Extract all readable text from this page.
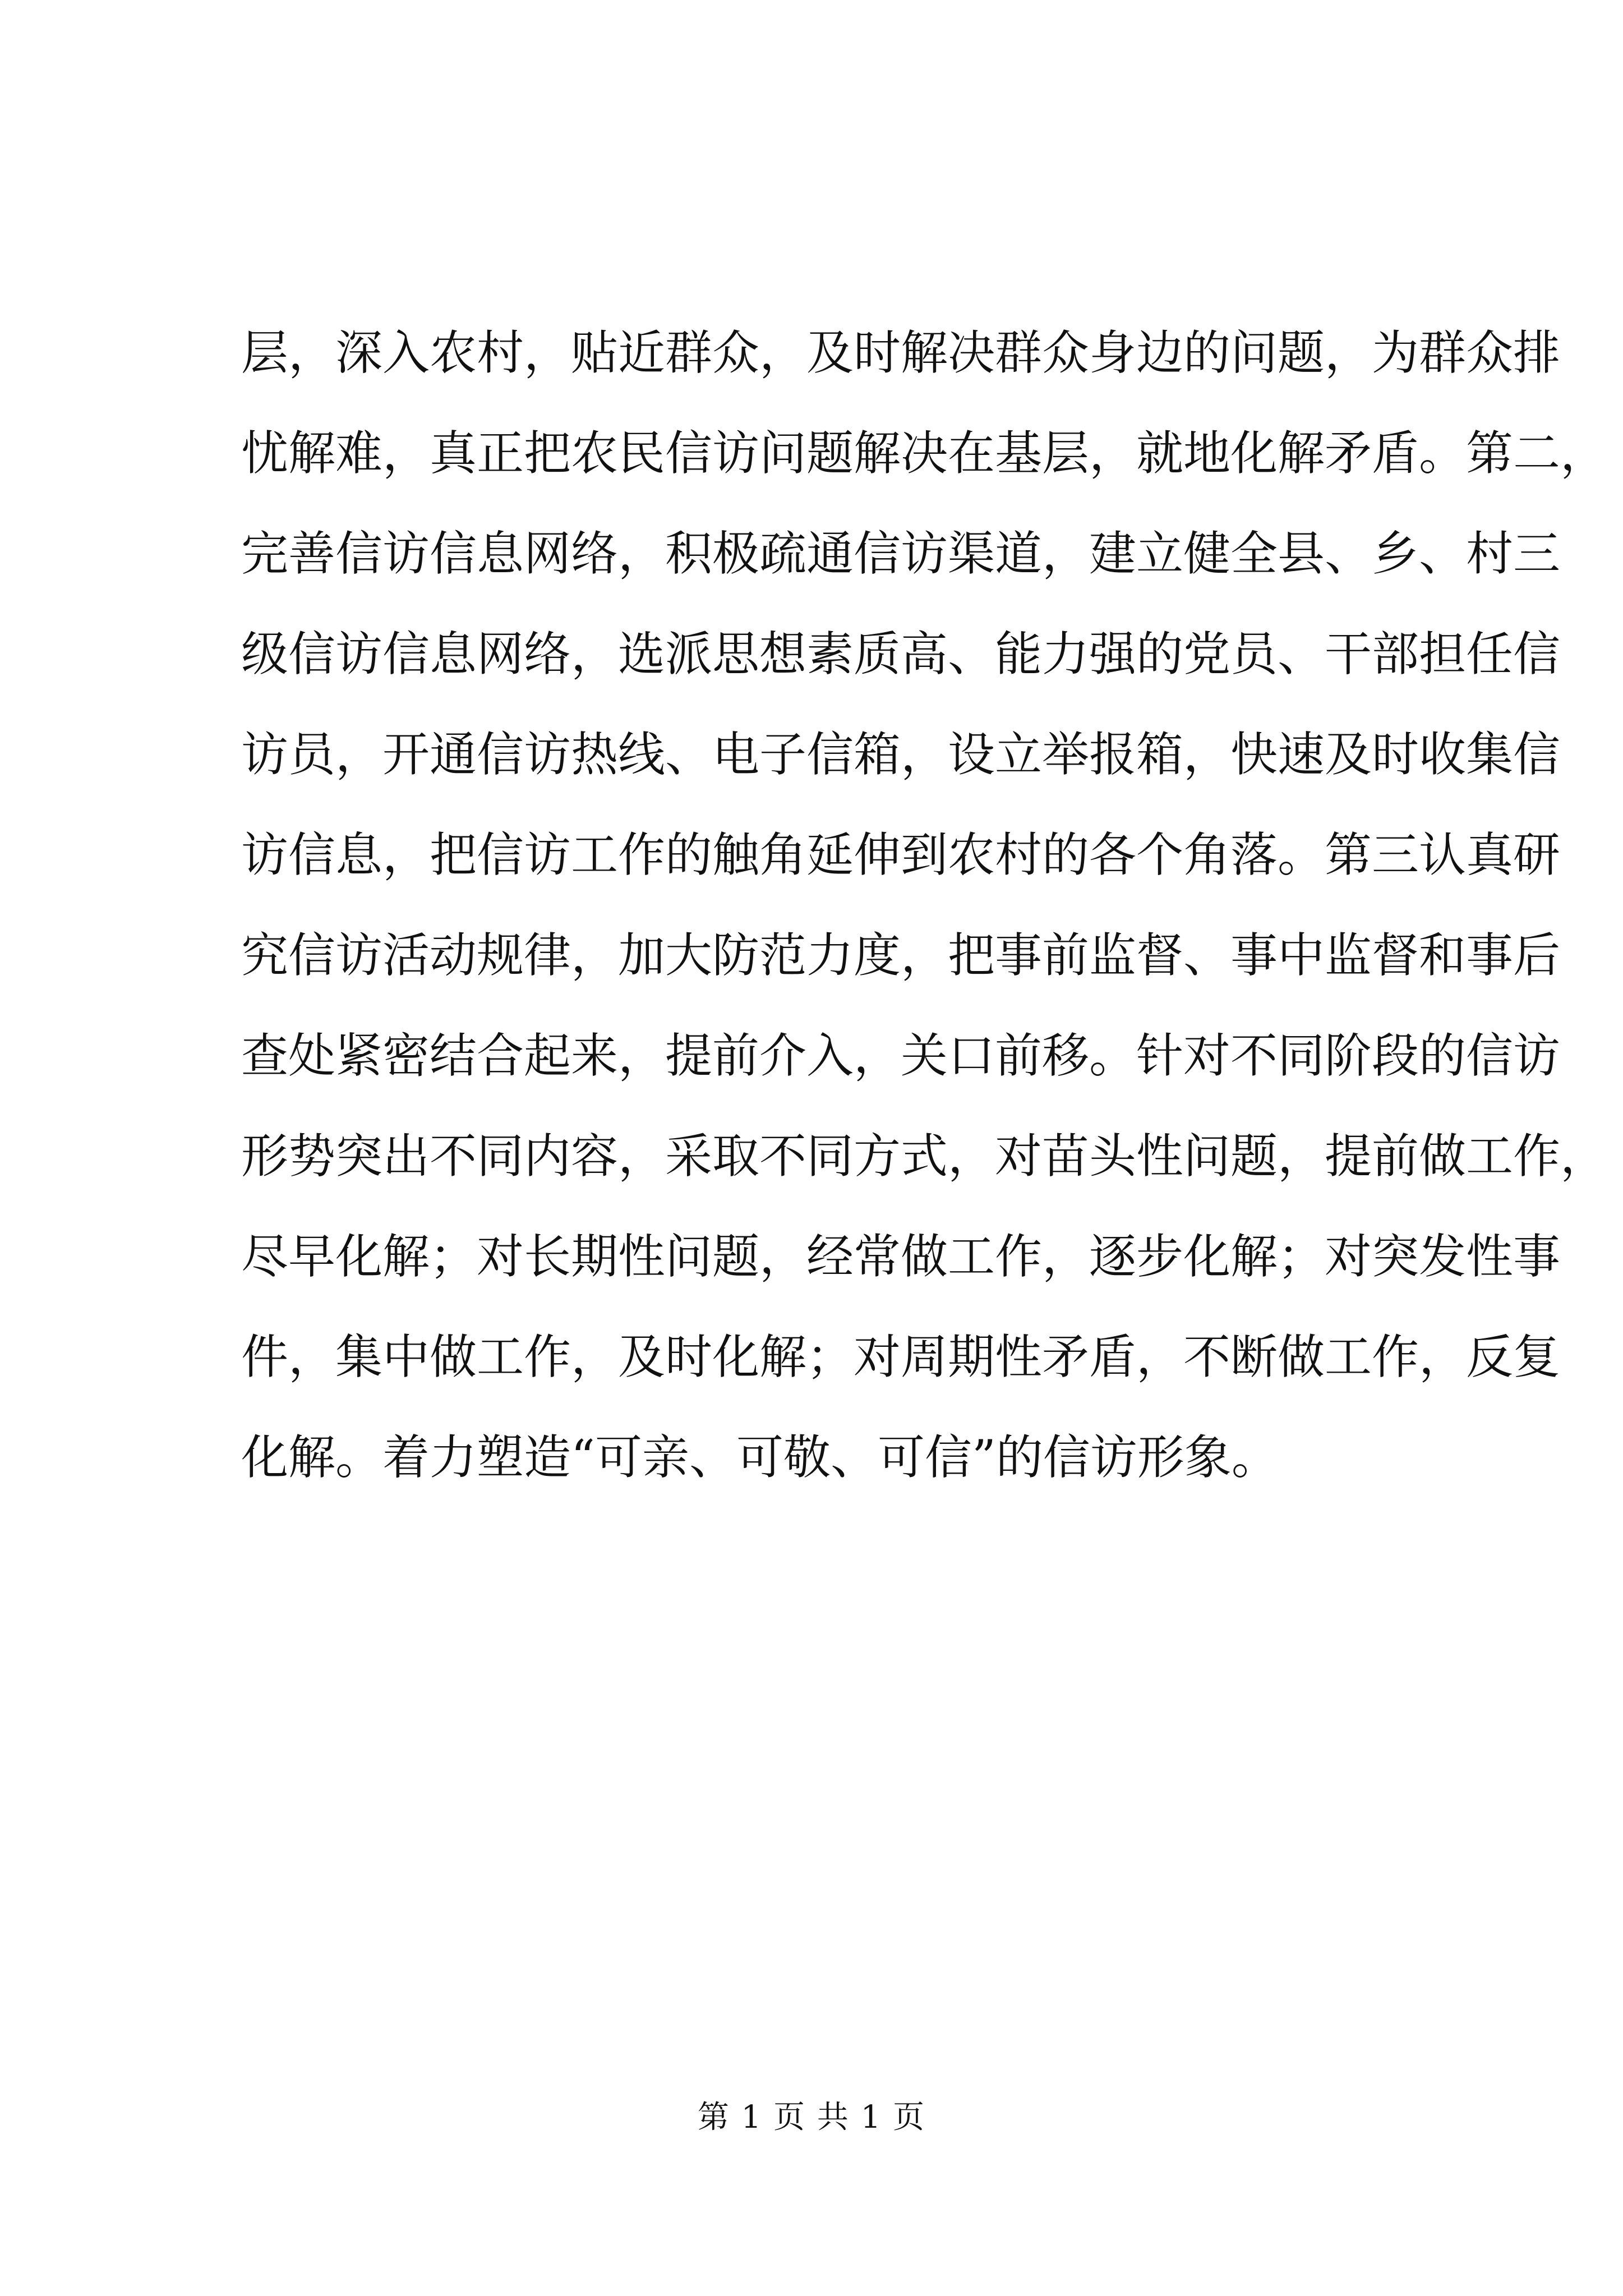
层，深入农村，贴近群众，及时解决群众身边的问题，为群众排
忧解难，真正把农民信访问题解决在基层，就地化解矛盾。第二，
完善信访信息网络，积极疏通信访渠道，建立健全县、乡、村三
级信访信息网络，选派思想素质高、能力强的党员、干部担任信
访员，开通信访热线、电子信箱，设立举报箱，快速及时收集信
访信息，把信访工作的触角延伸到农村的各个角落。第三认真研
究信访活动规律，加大防范力度，把事前监督、事中监督和事后
查处紧密结合起来，提前介入，关口前移。针对不同阶段的信访
形势突出不同内容，采取不同方式，对苗头性问题，提前做工作，
尽早化解；对长期性问题，经常做工作，逐步化解；对突发性事
件，集中做工作，及时化解；对周期性矛盾，不断做工作，反复
化解。着力塑造“可亲、可敬、可信”的信访形象。
第 1 页 共 1 页
